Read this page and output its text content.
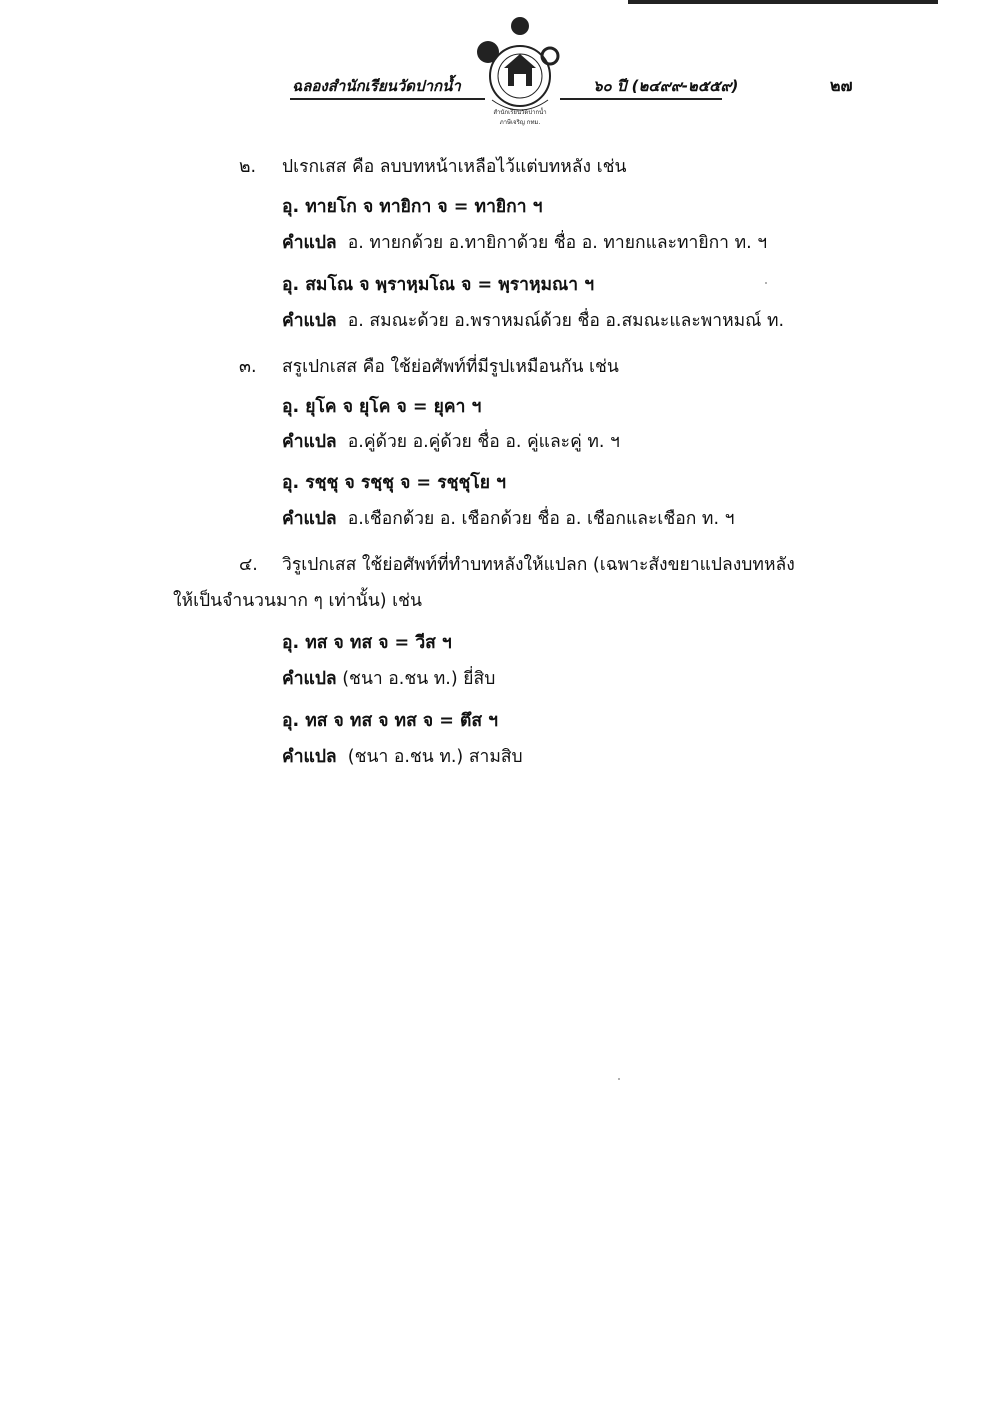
ฉลองสำนักเรียนวัดปากน้ำ
สำนักเรียนวัดปากน้ำ
ภาษีเจริญ กทม.
๖๐ ปี (๒๔๙๙-๒๕๕๙)	๒๗
๒. ปเรกเสส คือ ลบบทหน้าเหลือไว้แต่บทหลัง เช่น
อุ. ทายโก จ ทายิกา จ = ทายิกา ฯ
คำแปล อ. ทายกด้วย อ.ทายิกาด้วย ชื่อ อ. ทายกและทายิกา ท. ฯ
อุ. สมโณ จ พฺราหฺมโณ จ = พฺราหฺมณา ฯ
คำแปล อ. สมณะด้วย อ.พราหมณ์ด้วย ชื่อ อ.สมณะและพาหมณ์ ท.
๓. สรูเปกเสส คือ ใช้ย่อศัพท์ที่มีรูปเหมือนกัน เช่น
อุ. ยุโค จ ยุโค จ = ยุคา ฯ
คำแปล อ.คู่ด้วย อ.คู่ด้วย ชื่อ อ. คู่และคู่ ท. ฯ
อุ. รชฺชุ จ รชฺชุ จ = รชฺชุโย ฯ
คำแปล อ.เชือกด้วย อ. เชือกด้วย ชื่อ อ. เชือกและเชือก ท. ฯ
๔. วิรูเปกเสส ใช้ย่อศัพท์ที่ทำบทหลังให้แปลก (เฉพาะสังขยาแปลงบทหลัง
ให้เป็นจำนวนมาก ๆ เท่านั้น) เช่น
อุ. ทส จ ทส จ = วีส ฯ
คำแปล (ชนา อ.ชน ท.) ยี่สิบ
อุ. ทส จ ทส จ ทส จ = ตึส ฯ
คำแปล (ชนา อ.ชน ท.) สามสิบ
